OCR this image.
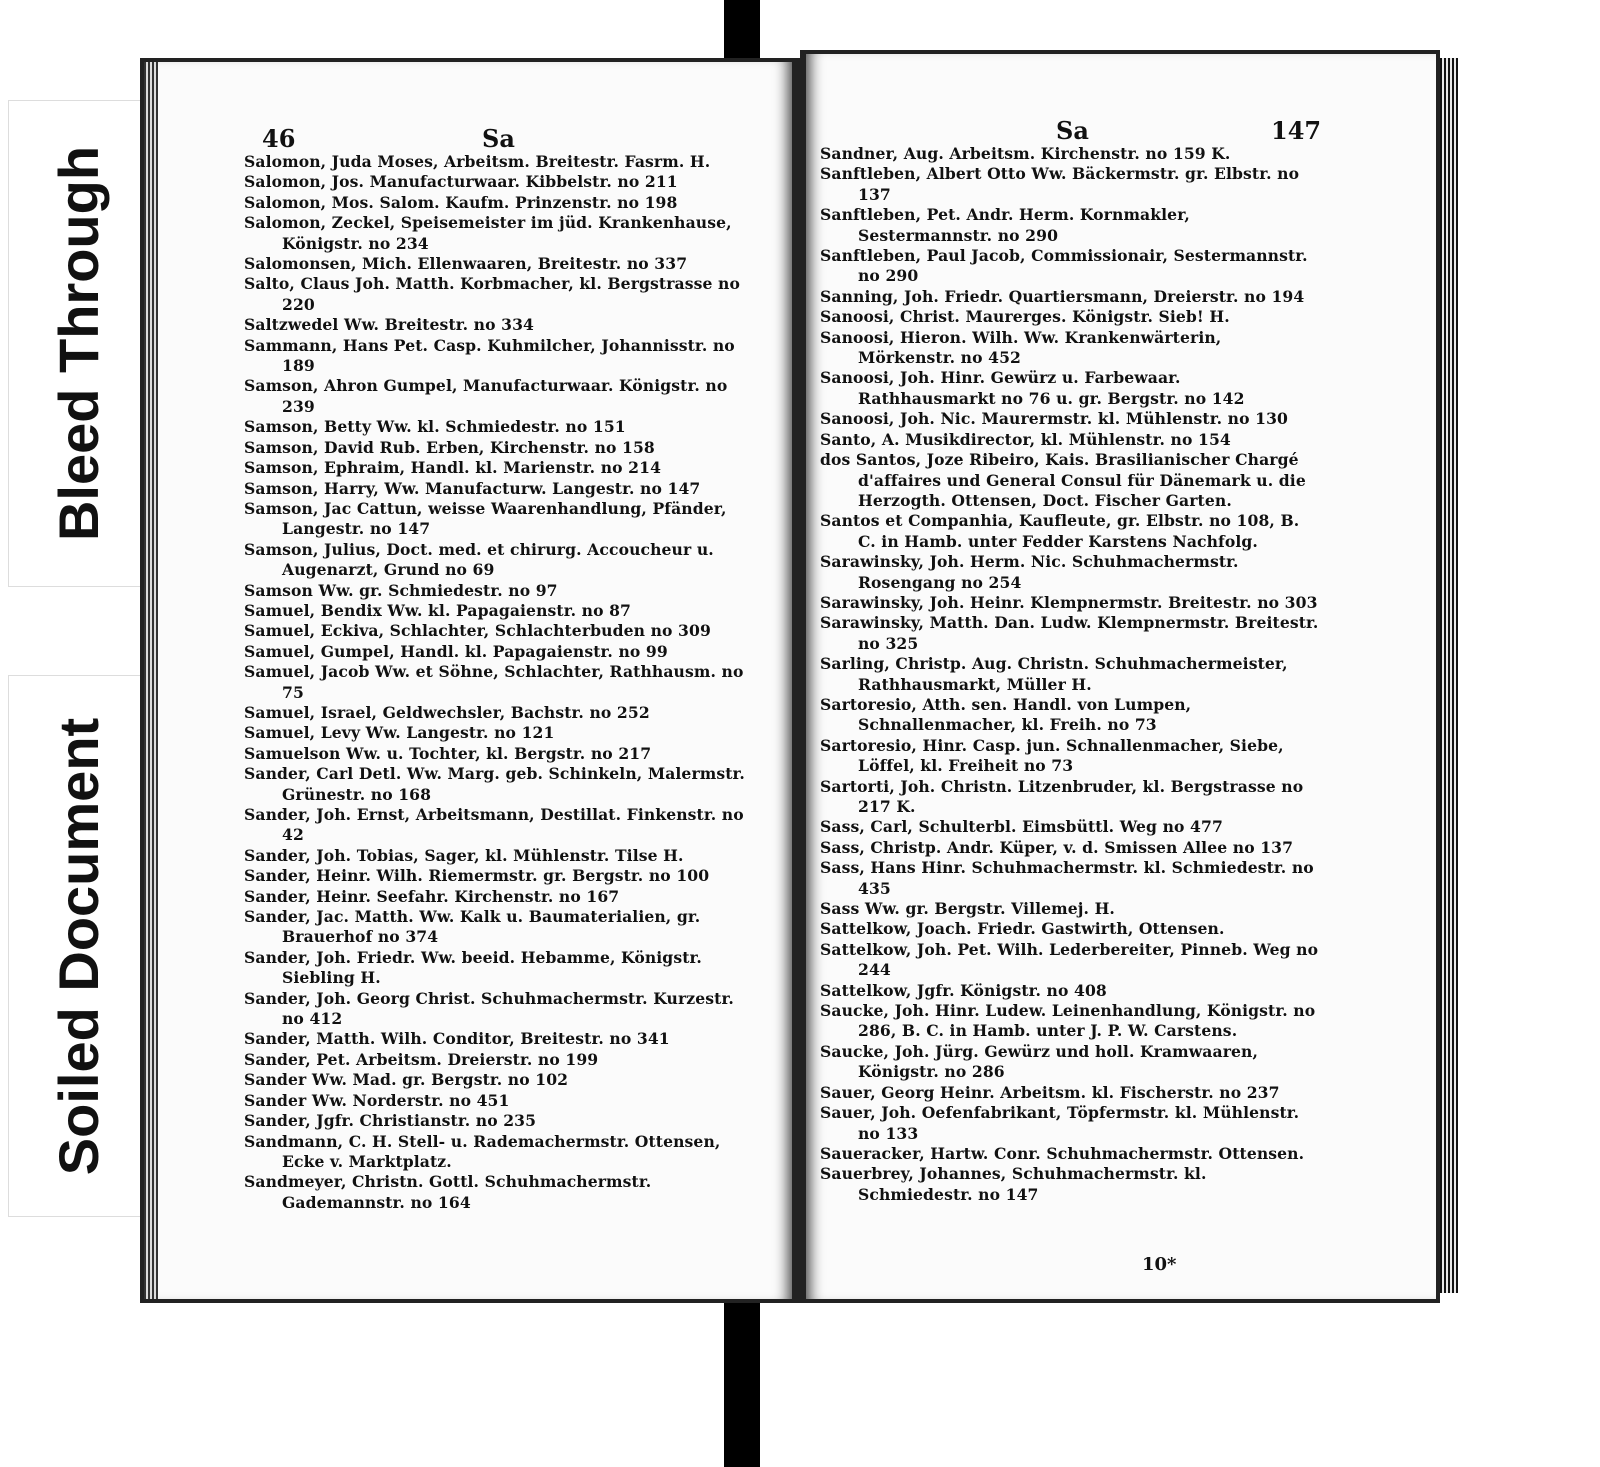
Bleed Through
Soiled Document
46	Sa
Salomon, Juda Moses, Arbeitsm. Breitestr. Fasrm. H.
Salomon, Jos. Manufacturwaar. Kibbelstr. no 211
Salomon, Mos. Salom. Kaufm. Prinzenstr. no 198
Salomon, Zeckel, Speisemeister im jüd. Krankenhause, Königstr. no 234
Salomonsen, Mich. Ellenwaaren, Breitestr. no 337
Salto, Claus Joh. Matth. Korbmacher, kl. Bergstrasse no 220
Saltzwedel Ww. Breitestr. no 334
Sammann, Hans Pet. Casp. Kuhmilcher, Johannisstr. no 189
Samson, Ahron Gumpel, Manufacturwaar. Königstr. no 239
Samson, Betty Ww. kl. Schmiedestr. no 151
Samson, David Rub. Erben, Kirchenstr. no 158
Samson, Ephraim, Handl. kl. Marienstr. no 214
Samson, Harry, Ww. Manufacturw. Langestr. no 147
Samson, Jac Cattun, weisse Waarenhandlung, Pfänder, Langestr. no 147
Samson, Julius, Doct. med. et chirurg. Accoucheur u. Augenarzt, Grund no 69
Samson Ww. gr. Schmiedestr. no 97
Samuel, Bendix Ww. kl. Papagaienstr. no 87
Samuel, Eckiva, Schlachter, Schlachterbuden no 309
Samuel, Gumpel, Handl. kl. Papagaienstr. no 99
Samuel, Jacob Ww. et Söhne, Schlachter, Rathhausm. no 75
Samuel, Israel, Geldwechsler, Bachstr. no 252
Samuel, Levy Ww. Langestr. no 121
Samuelson Ww. u. Tochter, kl. Bergstr. no 217
Sander, Carl Detl. Ww. Marg. geb. Schinkeln, Malermstr. Grünestr. no 168
Sander, Joh. Ernst, Arbeitsmann, Destillat. Finkenstr. no 42
Sander, Joh. Tobias, Sager, kl. Mühlenstr. Tilse H.
Sander, Heinr. Wilh. Riemermstr. gr. Bergstr. no 100
Sander, Heinr. Seefahr. Kirchenstr. no 167
Sander, Jac. Matth. Ww. Kalk u. Baumaterialien, gr. Brauerhof no 374
Sander, Joh. Friedr. Ww. beeid. Hebamme, Königstr. Siebling H.
Sander, Joh. Georg Christ. Schuhmachermstr. Kurzestr. no 412
Sander, Matth. Wilh. Conditor, Breitestr. no 341
Sander, Pet. Arbeitsm. Dreierstr. no 199
Sander Ww. Mad. gr. Bergstr. no 102
Sander Ww. Norderstr. no 451
Sander, Jgfr. Christianstr. no 235
Sandmann, C. H. Stell- u. Rademachermstr. Ottensen, Ecke v. Marktplatz.
Sandmeyer, Christn. Gottl. Schuhmachermstr. Gademannstr. no 164
Sa	147
Sandner, Aug. Arbeitsm. Kirchenstr. no 159 K.
Sanftleben, Albert Otto Ww. Bäckermstr. gr. Elbstr. no 137
Sanftleben, Pet. Andr. Herm. Kornmakler, Sestermannstr. no 290
Sanftleben, Paul Jacob, Commissionair, Sestermannstr. no 290
Sanning, Joh. Friedr. Quartiersmann, Dreierstr. no 194
Sanoosi, Christ. Maurerges. Königstr. Sieb! H.
Sanoosi, Hieron. Wilh. Ww. Krankenwärterin, Mörkenstr. no 452
Sanoosi, Joh. Hinr. Gewürz u. Farbewaar. Rathhausmarkt no 76 u. gr. Bergstr. no 142
Sanoosi, Joh. Nic. Maurermstr. kl. Mühlenstr. no 130
Santo, A. Musikdirector, kl. Mühlenstr. no 154
dos Santos, Joze Ribeiro, Kais. Brasilianischer Chargé d'affaires und General Consul für Dänemark u. die Herzogth. Ottensen, Doct. Fischer Garten.
Santos et Companhia, Kaufleute, gr. Elbstr. no 108, B. C. in Hamb. unter Fedder Karstens Nachfolg.
Sarawinsky, Joh. Herm. Nic. Schuhmachermstr. Rosengang no 254
Sarawinsky, Joh. Heinr. Klempnermstr. Breitestr. no 303
Sarawinsky, Matth. Dan. Ludw. Klempnermstr. Breitestr. no 325
Sarling, Christp. Aug. Christn. Schuhmachermeister, Rathhausmarkt, Müller H.
Sartoresio, Atth. sen. Handl. von Lumpen, Schnallenmacher, kl. Freih. no 73
Sartoresio, Hinr. Casp. jun. Schnallenmacher, Siebe, Löffel, kl. Freiheit no 73
Sartorti, Joh. Christn. Litzenbruder, kl. Bergstrasse no 217 K.
Sass, Carl, Schulterbl. Eimsbüttl. Weg no 477
Sass, Christp. Andr. Küper, v. d. Smissen Allee no 137
Sass, Hans Hinr. Schuhmachermstr. kl. Schmiedestr. no 435
Sass Ww. gr. Bergstr. Villemej. H.
Sattelkow, Joach. Friedr. Gastwirth, Ottensen.
Sattelkow, Joh. Pet. Wilh. Lederbereiter, Pinneb. Weg no 244
Sattelkow, Jgfr. Königstr. no 408
Saucke, Joh. Hinr. Ludew. Leinenhandlung, Königstr. no 286, B. C. in Hamb. unter J. P. W. Carstens.
Saucke, Joh. Jürg. Gewürz und holl. Kramwaaren, Königstr. no 286
Sauer, Georg Heinr. Arbeitsm. kl. Fischerstr. no 237
Sauer, Joh. Oefenfabrikant, Töpfermstr. kl. Mühlenstr. no 133
Saueracker, Hartw. Conr. Schuhmachermstr. Ottensen.
Sauerbrey, Johannes, Schuhmachermstr. kl. Schmiedestr. no 147
10*
